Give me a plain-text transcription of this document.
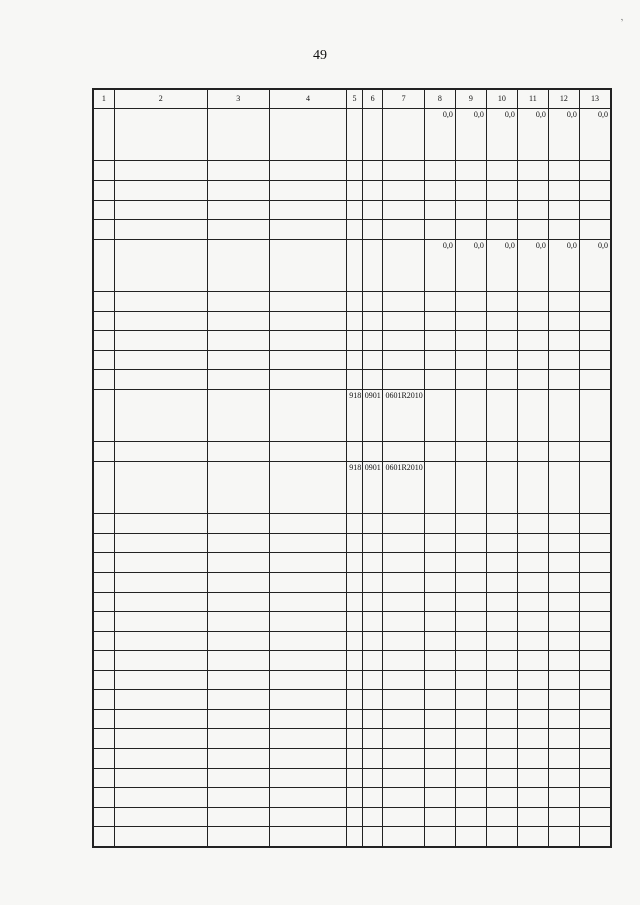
49
,
1	2	3	4	5	6	7	8	9	10	11	12	13
							0,0	0,0	0,0	0,0	0,0	0,0

							0,0	0,0	0,0	0,0	0,0	0,0

				918	0901	0601R2010						

				918	0901	0601R2010						
